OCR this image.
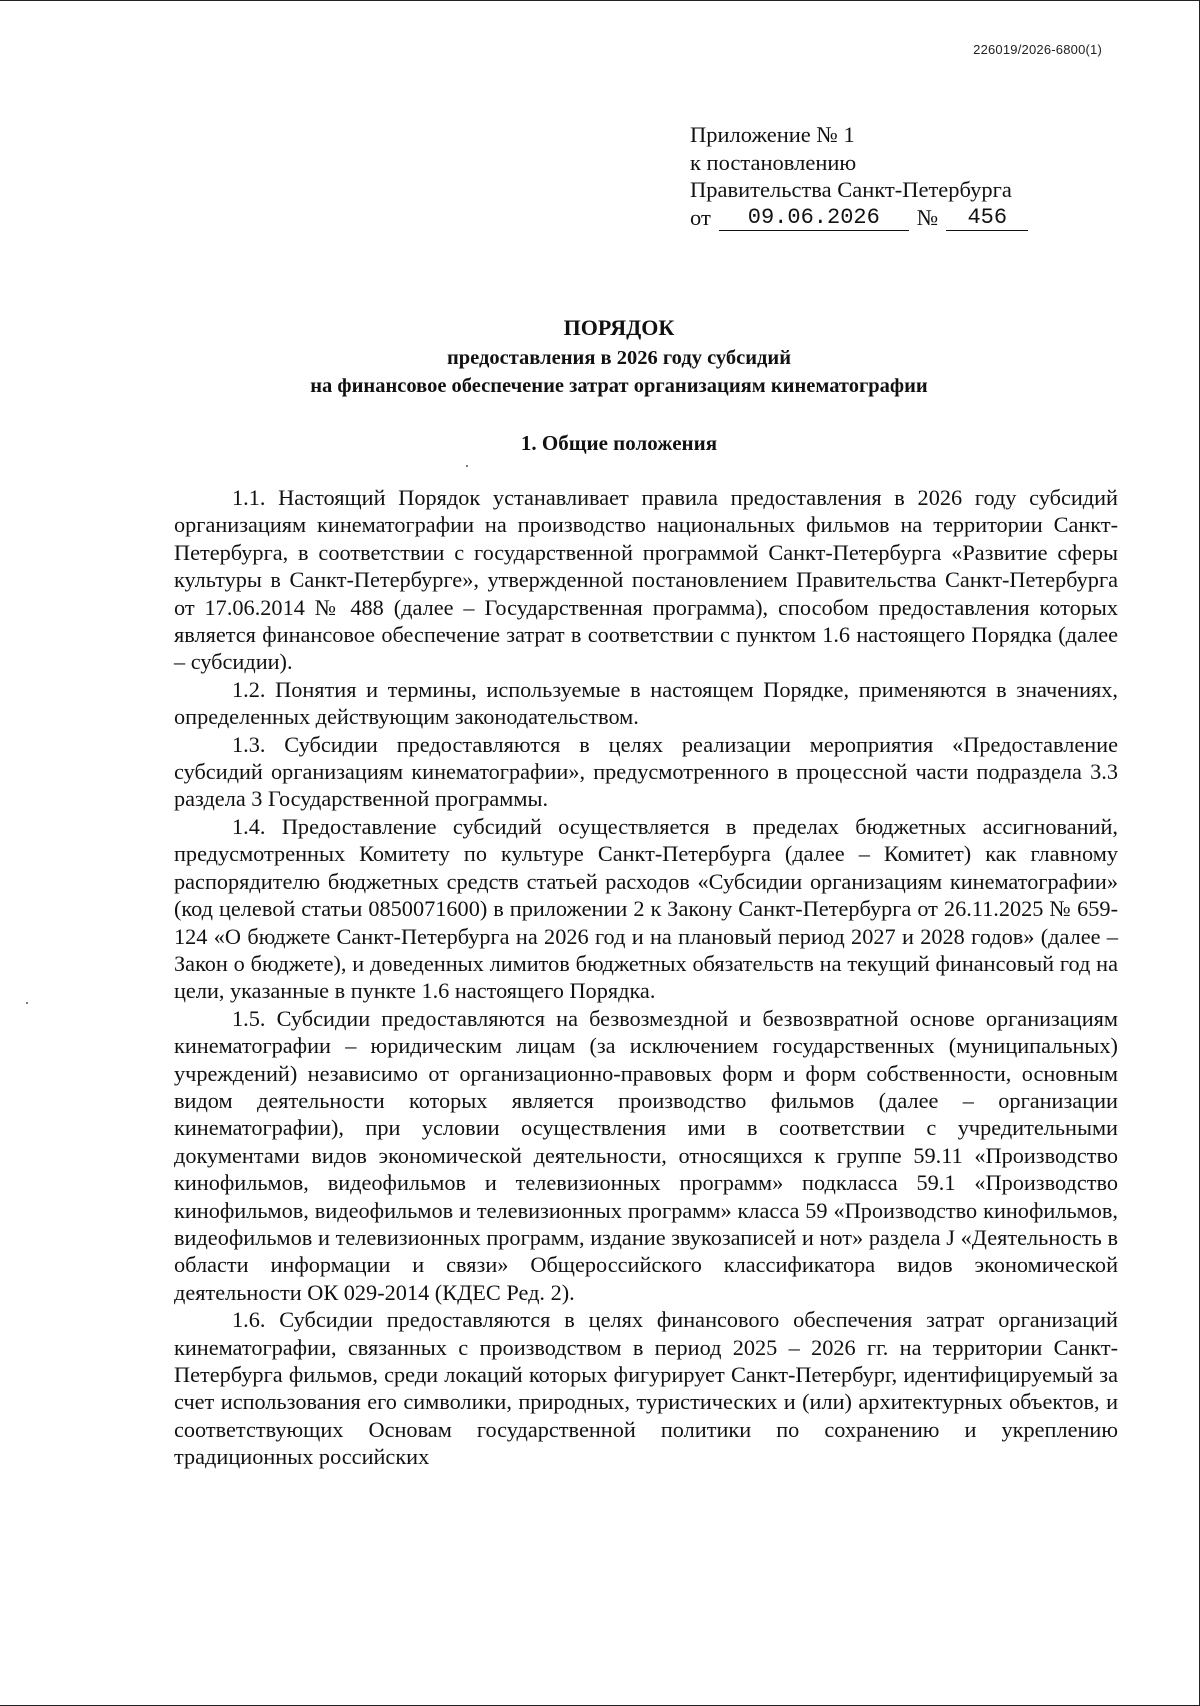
226019/2026-6800(1)
Приложение № 1
к постановлению
Правительства Санкт-Петербурга
от	09.06.2026	№	456
ПОРЯДОК
предоставления в 2026 году субсидий
на финансовое обеспечение затрат организациям кинематографии
1. Общие положения

1.1. Настоящий Порядок устанавливает правила предоставления в 2026 году субсидий организациям кинематографии на производство национальных фильмов на территории Санкт-Петербурга, в соответствии с государственной программой Санкт-Петербурга «Развитие сферы культуры в Санкт-Петербурге», утвержденной постановлением Правительства Санкт-Петербурга от 17.06.2014 № 488 (далее – Государственная программа), способом предоставления которых является финансовое обеспечение затрат в соответствии с пунктом 1.6 настоящего Порядка (далее – субсидии).

1.2. Понятия и термины, используемые в настоящем Порядке, применяются в значениях, определенных действующим законодательством.

1.3. Субсидии предоставляются в целях реализации мероприятия «Предоставление субсидий организациям кинематографии», предусмотренного в процессной части подраздела 3.3 раздела 3 Государственной программы.

1.4. Предоставление субсидий осуществляется в пределах бюджетных ассигнований, предусмотренных Комитету по культуре Санкт-Петербурга (далее – Комитет) как главному распорядителю бюджетных средств статьей расходов «Субсидии организациям кинематографии» (код целевой статьи 0850071600) в приложении 2 к Закону Санкт-Петербурга от 26.11.2025 № 659-124 «О бюджете Санкт-Петербурга на 2026 год и на плановый период 2027 и 2028 годов» (далее – Закон о бюджете), и доведенных лимитов бюджетных обязательств на текущий финансовый год на цели, указанные в пункте 1.6 настоящего Порядка.

1.5. Субсидии предоставляются на безвозмездной и безвозвратной основе организациям кинематографии – юридическим лицам (за исключением государственных (муниципальных) учреждений) независимо от организационно-правовых форм и форм собственности, основным видом деятельности которых является производство фильмов (далее – организации кинематографии), при условии осуществления ими в соответствии с учредительными документами видов экономической деятельности, относящихся к группе 59.11 «Производство кинофильмов, видеофильмов и телевизионных программ» подкласса 59.1 «Производство кинофильмов, видеофильмов и телевизионных программ» класса 59 «Производство кинофильмов, видеофильмов и телевизионных программ, издание звукозаписей и нот» раздела J «Деятельность в области информации и связи» Общероссийского классификатора видов экономической деятельности ОК 029-2014 (КДЕС Ред. 2).

1.6. Субсидии предоставляются в целях финансового обеспечения затрат организаций кинематографии, связанных с производством в период 2025 – 2026 гг. на территории Санкт-Петербурга фильмов, среди локаций которых фигурирует Санкт-Петербург, идентифицируемый за счет использования его символики, природных, туристических и (или) архитектурных объектов, и соответствующих Основам государственной политики по сохранению и укреплению традиционных российских
